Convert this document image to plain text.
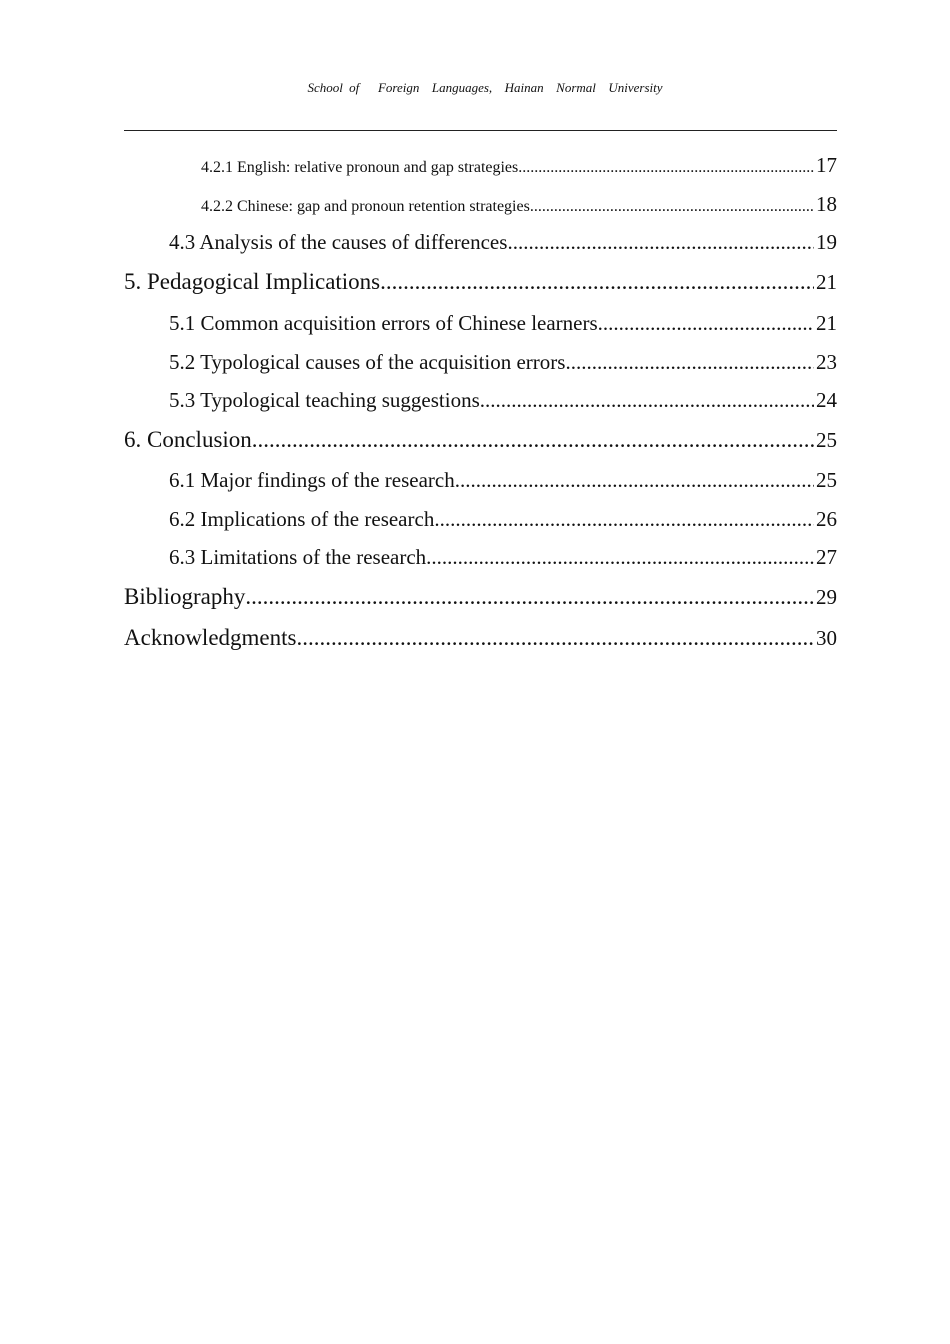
School of   Foreign  Languages,  Hainan  Normal  University
4.2.1 English: relative pronoun and gap strategies .....	17
4.2.2 Chinese: gap and pronoun retention strategies .....	18
4.3 Analysis of the causes of differences .....	19
5. Pedagogical Implications .....	21
5.1 Common acquisition errors of Chinese learners .....	21
5.2 Typological causes of the acquisition errors .....	23
5.3 Typological teaching suggestions .....	24
6. Conclusion .....	25
6.1 Major findings of the research .....	25
6.2 Implications of the research .....	26
6.3 Limitations of the research .....	27
Bibliography .....	29
Acknowledgments .....	30
